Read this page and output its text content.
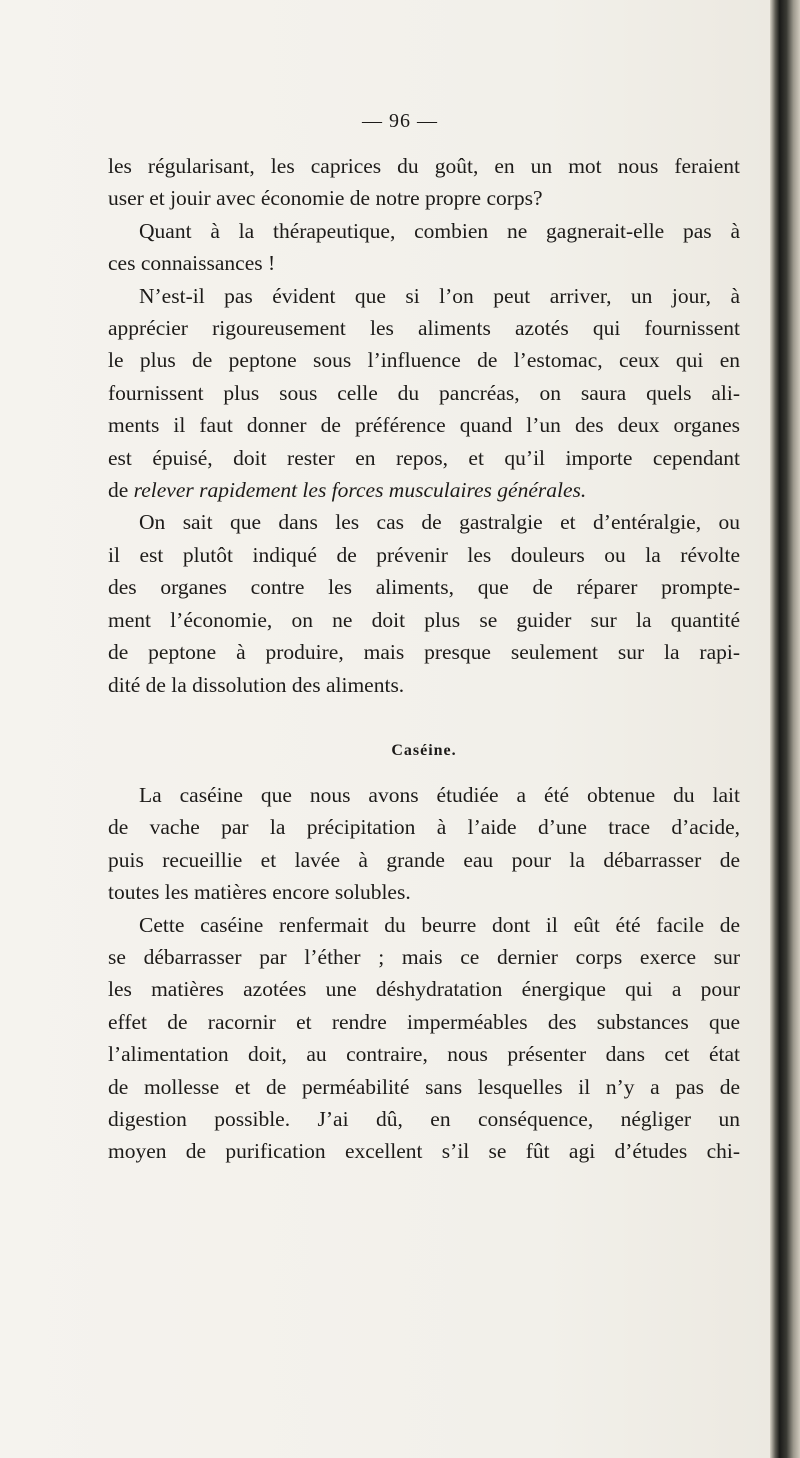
— 96 —

les régularisant, les caprices du goût, en un mot nous feraient
user et jouir avec économie de notre propre corps?

Quant à la thérapeutique, combien ne gagnerait-elle pas à
ces connaissances !

N’est-il pas évident que si l’on peut arriver, un jour, à
apprécier rigoureusement les aliments azotés qui fournissent
le plus de peptone sous l’influence de l’estomac, ceux qui en
fournissent plus sous celle du pancréas, on saura quels ali-
ments il faut donner de préférence quand l’un des deux organes
est épuisé, doit rester en repos, et qu’il importe cependant
de relever rapidement les forces musculaires générales.

On sait que dans les cas de gastralgie et d’entéralgie, ou
il est plutôt indiqué de prévenir les douleurs ou la révolte
des organes contre les aliments, que de réparer prompte-
ment l’économie, on ne doit plus se guider sur la quantité
de peptone à produire, mais presque seulement sur la rapi-
dité de la dissolution des aliments.

Caséine.

La caséine que nous avons étudiée a été obtenue du lait
de vache par la précipitation à l’aide d’une trace d’acide,
puis recueillie et lavée à grande eau pour la débarrasser de
toutes les matières encore solubles.

Cette caséine renfermait du beurre dont il eût été facile de
se débarrasser par l’éther ; mais ce dernier corps exerce sur
les matières azotées une déshydratation énergique qui a pour
effet de racornir et rendre imperméables des substances que
l’alimentation doit, au contraire, nous présenter dans cet état
de mollesse et de perméabilité sans lesquelles il n’y a pas de
digestion possible. J’ai dû, en conséquence, négliger un
moyen de purification excellent s’il se fût agi d’études chi-
